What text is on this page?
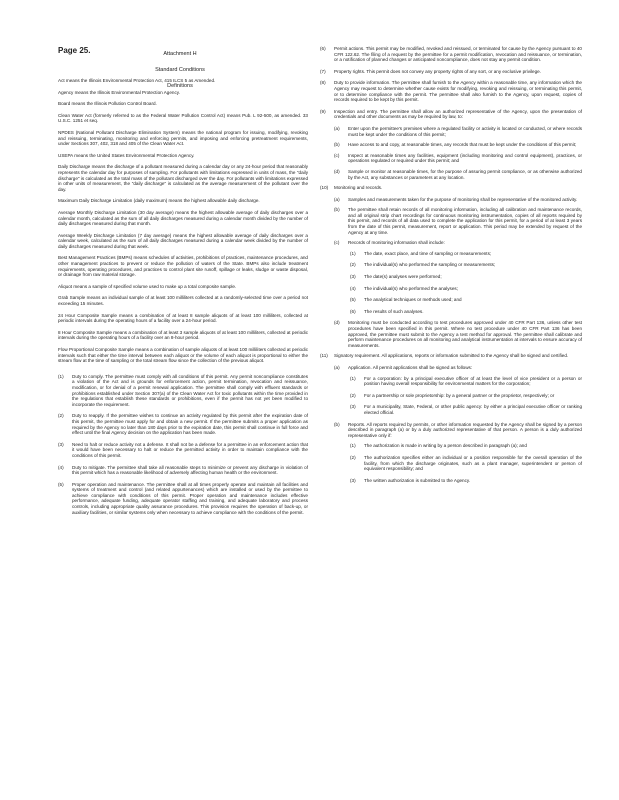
Page 25.	Attachment H
Standard Conditions
Definitions
Act means the Illinois Environmental Protection Act, 415 ILCS 5 as Amended.
Agency means the Illinois Environmental Protection Agency.
Board means the Illinois Pollution Control Board.
Clean Water Act (formerly referred to as the Federal Water Pollution Control Act) means Pub. L 92-500, as amended. 33 U.S.C. 1251 et seq.
NPDES (National Pollutant Discharge Elimination System) means the national program for issuing, modifying, revoking and reissuing, terminating, monitoring and enforcing permits, and imposing and enforcing pretreatment requirements, under Sections 307, 402, 318 and 405 of the Clean Water Act.
USEPA means the United States Environmental Protection Agency.
Daily Discharge means the discharge of a pollutant measured during a calendar day or any 24-hour period that reasonably represents the calendar day for purposes of sampling. For pollutants with limitations expressed in units of mass, the "daily discharge" is calculated as the total mass of the pollutant discharged over the day. For pollutants with limitations expressed in other units of measurement, the "daily discharge" is calculated as the average measurement of the pollutant over the day.
Maximum Daily Discharge Limitation (daily maximum) means the highest allowable daily discharge.
Average Monthly Discharge Limitation (30 day average) means the highest allowable average of daily discharges over a calendar month, calculated as the sum of all daily discharges measured during a calendar month divided by the number of daily discharges measured during that month.
Average Weekly Discharge Limitation (7 day average) means the highest allowable average of daily discharges over a calendar week, calculated as the sum of all daily discharges measured during a calendar week divided by the number of daily discharges measured during that week.
Best Management Practices (BMPs) means schedules of activities, prohibitions of practices, maintenance procedures, and other management practices to prevent or reduce the pollution of waters of the State. BMPs also include treatment requirements, operating procedures, and practices to control plant site runoff, spillage or leaks, sludge or waste disposal, or drainage from raw material storage.
Aliquot means a sample of specified volume used to make up a total composite sample.
Grab Sample means an individual sample of at least 100 milliliters collected at a randomly-selected time over a period not exceeding 15 minutes.
24 Hour Composite Sample means a combination of at least 8 sample aliquots of at least 100 milliliters, collected at periodic intervals during the operating hours of a facility over a 24-hour period.
8 Hour Composite Sample means a combination of at least 3 sample aliquots of at least 100 milliliters, collected at periodic intervals during the operating hours of a facility over an 8-hour period.
Flow Proportional Composite Sample means a combination of sample aliquots of at least 100 milliliters collected at periodic intervals such that either the time interval between each aliquot or the volume of each aliquot is proportional to either the stream flow at the time of sampling or the total stream flow since the collection of the previous aliquot.
(1)	Duty to comply. The permittee must comply with all conditions of this permit. Any permit noncompliance constitutes a violation of the Act and is grounds for enforcement action, permit termination, revocation and reissuance, modification, or for denial of a permit renewal application. The permittee shall comply with effluent standards or prohibitions established under Section 307(a) of the Clean Water Act for toxic pollutants within the time provided in the regulations that establish these standards or prohibitions, even if the permit has not yet been modified to incorporate the requirement.
(2)	Duty to reapply. If the permittee wishes to continue an activity regulated by this permit after the expiration date of this permit, the permittee must apply for and obtain a new permit. If the permittee submits a proper application as required by the Agency no later than 180 days prior to the expiration date, this permit shall continue in full force and effect until the final Agency decision on the application has been made.
(3)	Need to halt or reduce activity not a defense. It shall not be a defense for a permittee in an enforcement action that it would have been necessary to halt or reduce the permitted activity in order to maintain compliance with the conditions of this permit.
(4)	Duty to mitigate. The permittee shall take all reasonable steps to minimize or prevent any discharge in violation of this permit which has a reasonable likelihood of adversely affecting human health or the environment.
(5)	Proper operation and maintenance. The permittee shall at all times properly operate and maintain all facilities and systems of treatment and control (and related appurtenances) which are installed or used by the permittee to achieve compliance with conditions of this permit. Proper operation and maintenance includes effective performance, adequate funding, adequate operator staffing and training, and adequate laboratory and process controls, including appropriate quality assurance procedures. This provision requires the operation of back-up, or auxiliary facilities, or similar systems only when necessary to achieve compliance with the conditions of the permit.
(6)	Permit actions. This permit may be modified, revoked and reissued, or terminated for cause by the Agency pursuant to 40 CFR 122.62. The filing of a request by the permittee for a permit modification, revocation and reissuance, or termination, or a notification of planned changes or anticipated noncompliance, does not stay any permit condition.
(7)	Property rights. This permit does not convey any property rights of any sort, or any exclusive privilege.
(8)	Duty to provide information. The permittee shall furnish to the Agency within a reasonable time, any information which the Agency may request to determine whether cause exists for modifying, revoking and reissuing, or terminating this permit, or to determine compliance with the permit. The permittee shall also furnish to the Agency, upon request, copies of records required to be kept by this permit.
(9)	Inspection and entry. The permittee shall allow an authorized representative of the Agency, upon the presentation of credentials and other documents as may be required by law, to:
(a)	Enter upon the permittee's premises where a regulated facility or activity is located or conducted, or where records must be kept under the conditions of this permit;
(b)	Have access to and copy, at reasonable times, any records that must be kept under the conditions of this permit;
(c)	Inspect at reasonable times any facilities, equipment (including monitoring and control equipment), practices, or operations regulated or required under this permit; and
(d)	Sample or monitor at reasonable times, for the purpose of assuring permit compliance, or as otherwise authorized by the Act, any substances or parameters at any location.
(10)	Monitoring and records.
(a)	Samples and measurements taken for the purpose of monitoring shall be representative of the monitored activity.
(b)	The permittee shall retain records of all monitoring information, including all calibration and maintenance records, and all original strip chart recordings for continuous monitoring instrumentation, copies of all reports required by this permit, and records of all data used to complete the application for this permit, for a period of at least 3 years from the date of this permit, measurement, report or application. This period may be extended by request of the Agency at any time.
(c)	Records of monitoring information shall include:
(1)	The date, exact place, and time of sampling or measurements;
(2)	The individual(s) who performed the sampling or measurements;
(3)	The date(s) analyses were performed;
(4)	The individual(s) who performed the analyses;
(5)	The analytical techniques or methods used; and
(6)	The results of such analyses.
(d)	Monitoring must be conducted according to test procedures approved under 40 CFR Part 136, unless other test procedures have been specified in this permit. Where no test procedure under 40 CFR Part 136 has been approved, the permittee must submit to the Agency a test method for approval. The permittee shall calibrate and perform maintenance procedures on all monitoring and analytical instrumentation at intervals to ensure accuracy of measurements.
(11)	Signatory requirement. All applications, reports or information submitted to the Agency shall be signed and certified.
(a)	Application. All permit applications shall be signed as follows:
(1)	For a corporation: by a principal executive officer of at least the level of vice president or a person or position having overall responsibility for environmental matters for the corporation;
(2)	For a partnership or sole proprietorship: by a general partner or the proprietor, respectively; or
(3)	For a municipality, State, Federal, or other public agency: by either a principal executive officer or ranking elected official.
(b)	Reports. All reports required by permits, or other information requested by the Agency shall be signed by a person described in paragraph (a) or by a duly authorized representative of that person. A person is a duly authorized representative only if:
(1)	The authorization is made in writing by a person described in paragraph (a); and
(2)	The authorization specifies either an individual or a position responsible for the overall operation of the facility, from which the discharge originates, such as a plant manager, superintendent or person of equivalent responsibility; and
(3)	The written authorization is submitted to the Agency.
